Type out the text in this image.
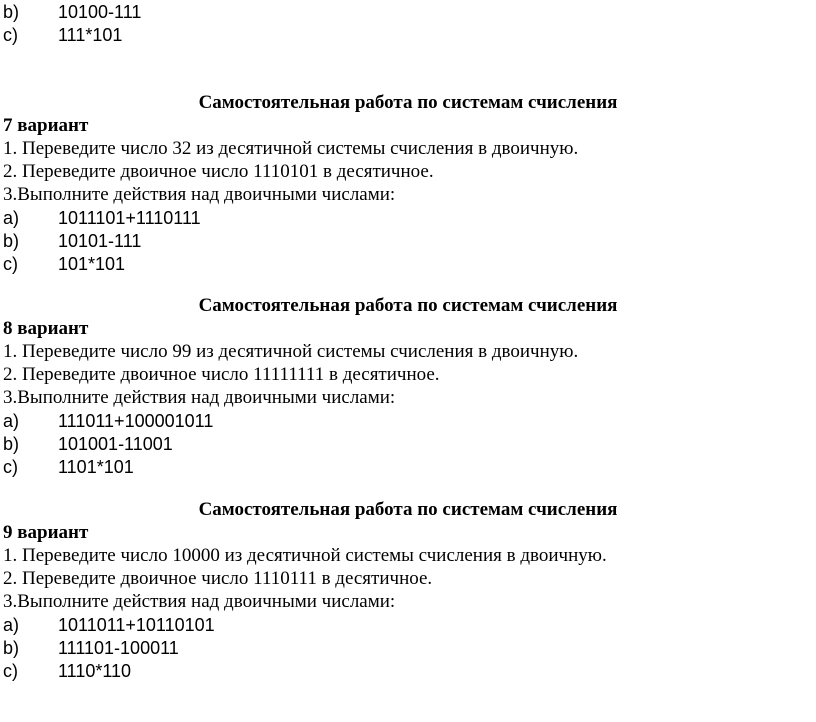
b) 10100-111
c) 111*101
Самостоятельная работа по системам счисления
7 вариант
1. Переведите число 32 из десятичной системы счисления в двоичную.
2. Переведите двоичное число 1110101 в десятичное.
3.Выполните действия над двоичными числами:
a) 1011101+1110111
b) 10101-111
c) 101*101
Самостоятельная работа по системам счисления
8 вариант
1. Переведите число 99 из десятичной системы счисления в двоичную.
2. Переведите двоичное число 11111111 в десятичное.
3.Выполните действия над двоичными числами:
a) 111011+100001011
b) 101001-11001
c) 1101*101
Самостоятельная работа по системам счисления
9 вариант
1. Переведите число 10000 из десятичной системы счисления в двоичную.
2. Переведите двоичное число 1110111 в десятичное.
3.Выполните действия над двоичными числами:
a) 1011011+10110101
b) 111101-100011
c) 1110*110
